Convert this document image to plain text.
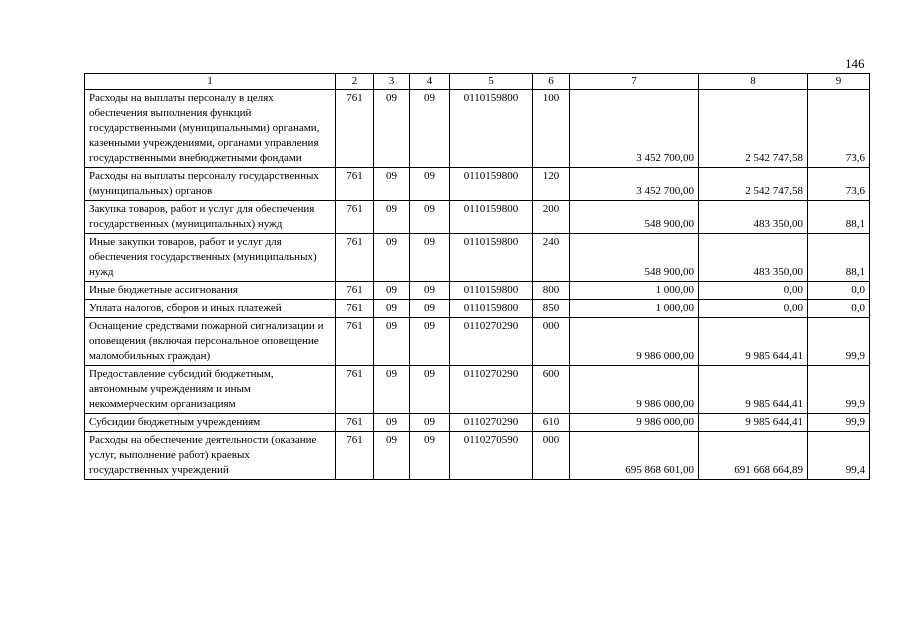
146
1	2	3	4	5	6	7	8	9
Расходы на выплаты персоналу в целях обеспечения выполнения функций государственными (муниципальными) органами, казенными учреждениями, органами управления государственными внебюджетными фондами	761	09	09	0110159800	100	3 452 700,00	2 542 747,58	73,6
Расходы на выплаты персоналу государственных (муниципальных) органов	761	09	09	0110159800	120	3 452 700,00	2 542 747,58	73,6
Закупка товаров, работ и услуг для обеспечения государственных (муниципальных) нужд	761	09	09	0110159800	200	548 900,00	483 350,00	88,1
Иные закупки товаров, работ и услуг для обеспечения государственных (муниципальных) нужд	761	09	09	0110159800	240	548 900,00	483 350,00	88,1
Иные бюджетные ассигнования	761	09	09	0110159800	800	1 000,00	0,00	0,0
Уплата налогов, сборов и иных платежей	761	09	09	0110159800	850	1 000,00	0,00	0,0
Оснащение средствами пожарной сигнализации и оповещения (включая персональное оповещение маломобильных граждан)	761	09	09	0110270290	000	9 986 000,00	9 985 644,41	99,9
Предоставление субсидий бюджетным, автономным учреждениям и иным некоммерческим организациям	761	09	09	0110270290	600	9 986 000,00	9 985 644,41	99,9
Субсидии бюджетным учреждениям	761	09	09	0110270290	610	9 986 000,00	9 985 644,41	99,9
Расходы на обеспечение деятельности (оказание услуг, выполнение работ) краевых государственных учреждений	761	09	09	0110270590	000	695 868 601,00	691 668 664,89	99,4
